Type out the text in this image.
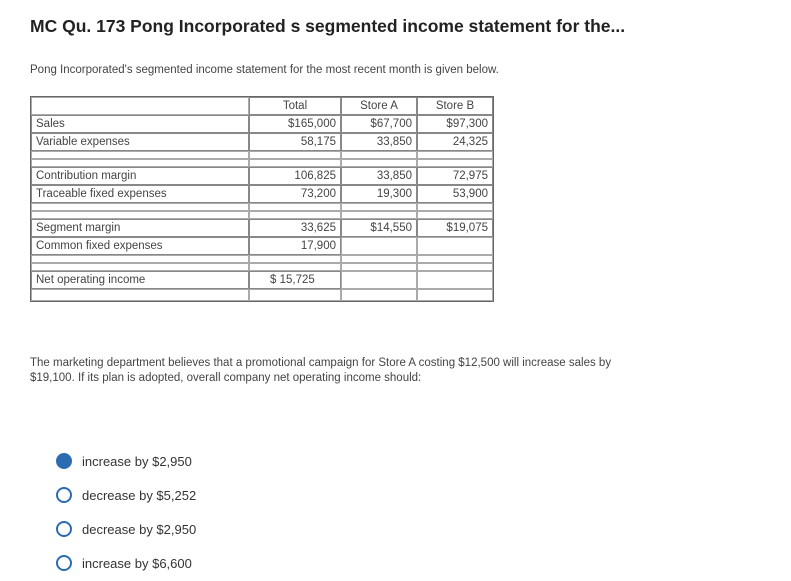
MC Qu. 173 Pong Incorporated s segmented income statement for the...
Pong Incorporated's segmented income statement for the most recent month is given below.
	Total	Store A	Store B
Sales	$165,000	$67,700	$97,300
Variable expenses	58,175	33,850	24,325

Contribution margin	106,825	33,850	72,975
Traceable fixed expenses	73,200	19,300	53,900

Segment margin	33,625	$14,550	$19,075
Common fixed expenses	17,900		

Net operating income	$ 15,725		

The marketing department believes that a promotional campaign for Store A costing $12,500 will increase sales by $19,100. If its plan is adopted, overall company net operating income should:
increase by $2,950
decrease by $5,252
decrease by $2,950
increase by $6,600
